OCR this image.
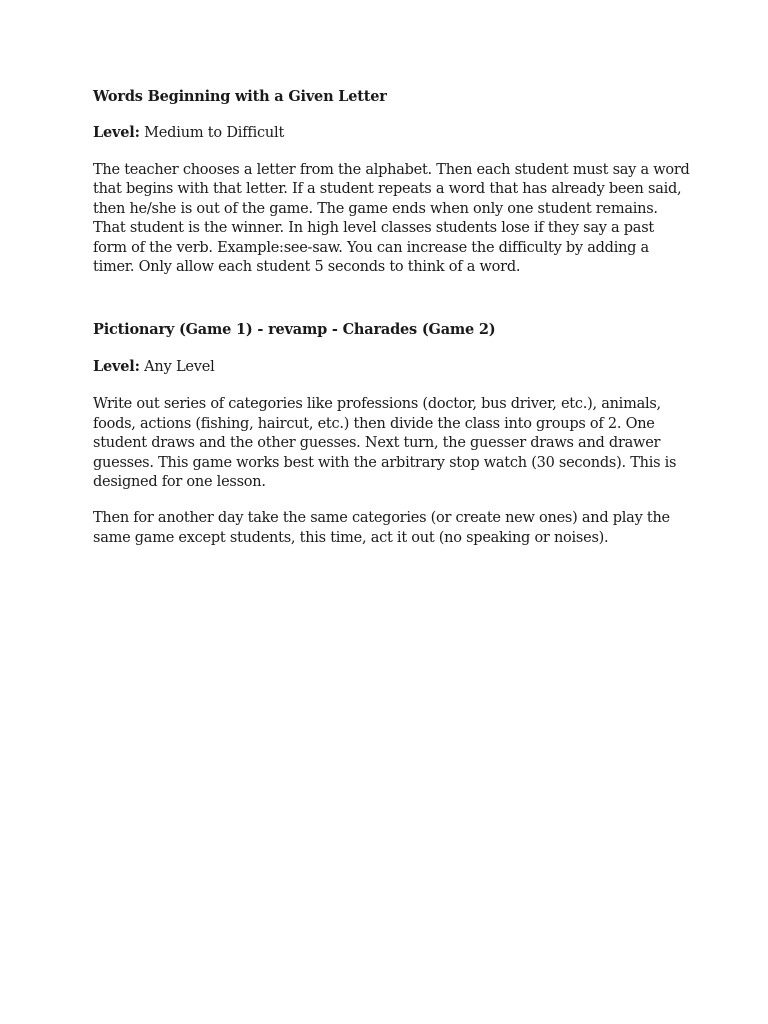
Words Beginning with a Given Letter

Level: Medium to Difficult

The teacher chooses a letter from the alphabet. Then each student must say a word
that begins with that letter. If a student repeats a word that has already been said,
then he/she is out of the game. The game ends when only one student remains.
That student is the winner. In high level classes students lose if they say a past
form of the verb. Example:see-saw. You can increase the difficulty by adding a
timer. Only allow each student 5 seconds to think of a word.

Pictionary (Game 1) - revamp - Charades (Game 2)

Level: Any Level

Write out series of categories like professions (doctor, bus driver, etc.), animals,
foods, actions (fishing, haircut, etc.) then divide the class into groups of 2. One
student draws and the other guesses. Next turn, the guesser draws and drawer
guesses. This game works best with the arbitrary stop watch (30 seconds). This is
designed for one lesson.

Then for another day take the same categories (or create new ones) and play the
same game except students, this time, act it out (no speaking or noises).
